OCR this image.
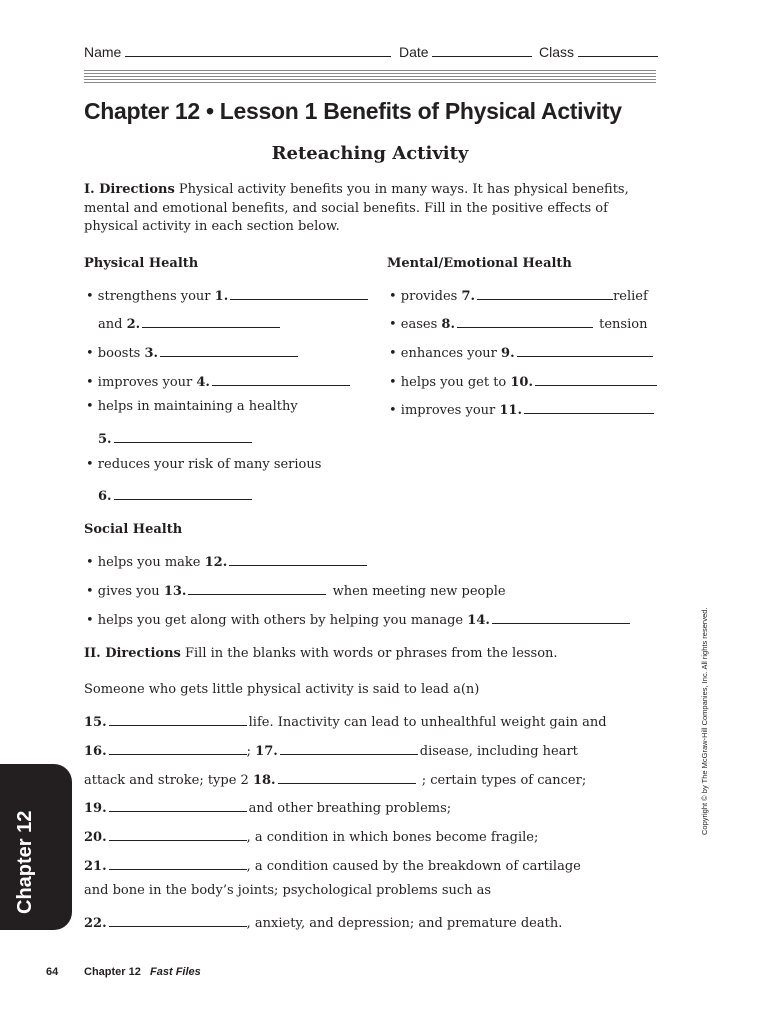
Name	Date	Class
Chapter 12 • Lesson 1 Benefits of Physical Activity
Reteaching Activity
I. Directions Physical activity benefits you in many ways. It has physical benefits,
mental and emotional benefits, and social benefits. Fill in the positive effects of
physical activity in each section below.
Physical Health
• strengthens your 1.
and 2.
• boosts 3.
• improves your 4.
• helps in maintaining a healthy
5.
• reduces your risk of many serious
6.
Mental/Emotional Health
• provides 7.	relief
• eases 8.	tension
• enhances your 9.
• helps you get to 10.
• improves your 11.
Social Health
• helps you make 12.
• gives you 13.	when meeting new people
• helps you get along with others by helping you manage 14.
II. Directions Fill in the blanks with words or phrases from the lesson.
Someone who gets little physical activity is said to lead a(n)
15.	life. Inactivity can lead to unhealthful weight gain and
16.	; 17.	disease, including heart
attack and stroke; type 2 18.	; certain types of cancer;
19.	and other breathing problems;
20.	, a condition in which bones become fragile;
21.	, a condition caused by the breakdown of cartilage
and bone in the body’s joints; psychological problems such as
22.	, anxiety, and depression; and premature death.
Chapter 12
Copyright © by The McGraw-Hill Companies, Inc. All rights reserved.
64 Chapter 12 Fast Files
